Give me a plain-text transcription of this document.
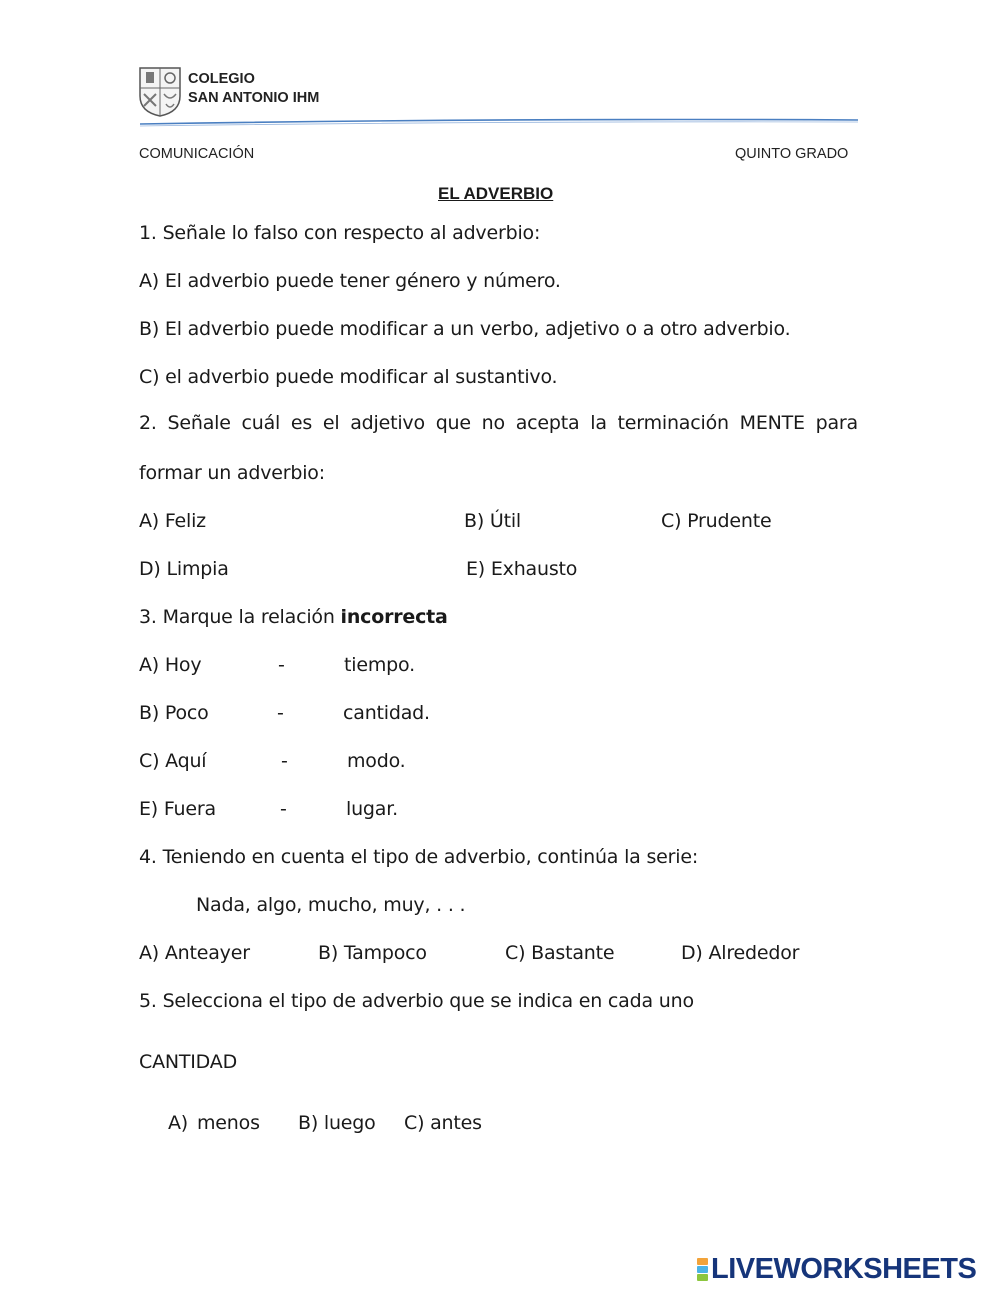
COLEGIO
SAN ANTONIO IHM
COMUNICACIÓN	QUINTO GRADO
EL ADVERBIO
1. Señale lo falso con respecto al adverbio:
A) El adverbio puede tener género y número.
B) El adverbio puede modificar a un verbo, adjetivo o a otro adverbio.
C) el adverbio puede modificar al sustantivo.
2. Señale cuál es el adjetivo que no acepta la terminación MENTE para
formar un adverbio:
A) Feliz	B) Útil	C) Prudente
D) Limpia	E) Exhausto
3. Marque la relación incorrecta
A) Hoy	-	tiempo.
B) Poco	-	cantidad.
C) Aquí	-	modo.
E) Fuera	-	lugar.
4. Teniendo en cuenta el tipo de adverbio, continúa la serie:
Nada, algo, mucho, muy, . . .
A) Anteayer	B) Tampoco	C) Bastante	D) Alrededor
5. Selecciona el tipo de adverbio que se indica en cada uno
CANTIDAD
A) menos B) luego C) antes
LIVEWORKSHEETS
